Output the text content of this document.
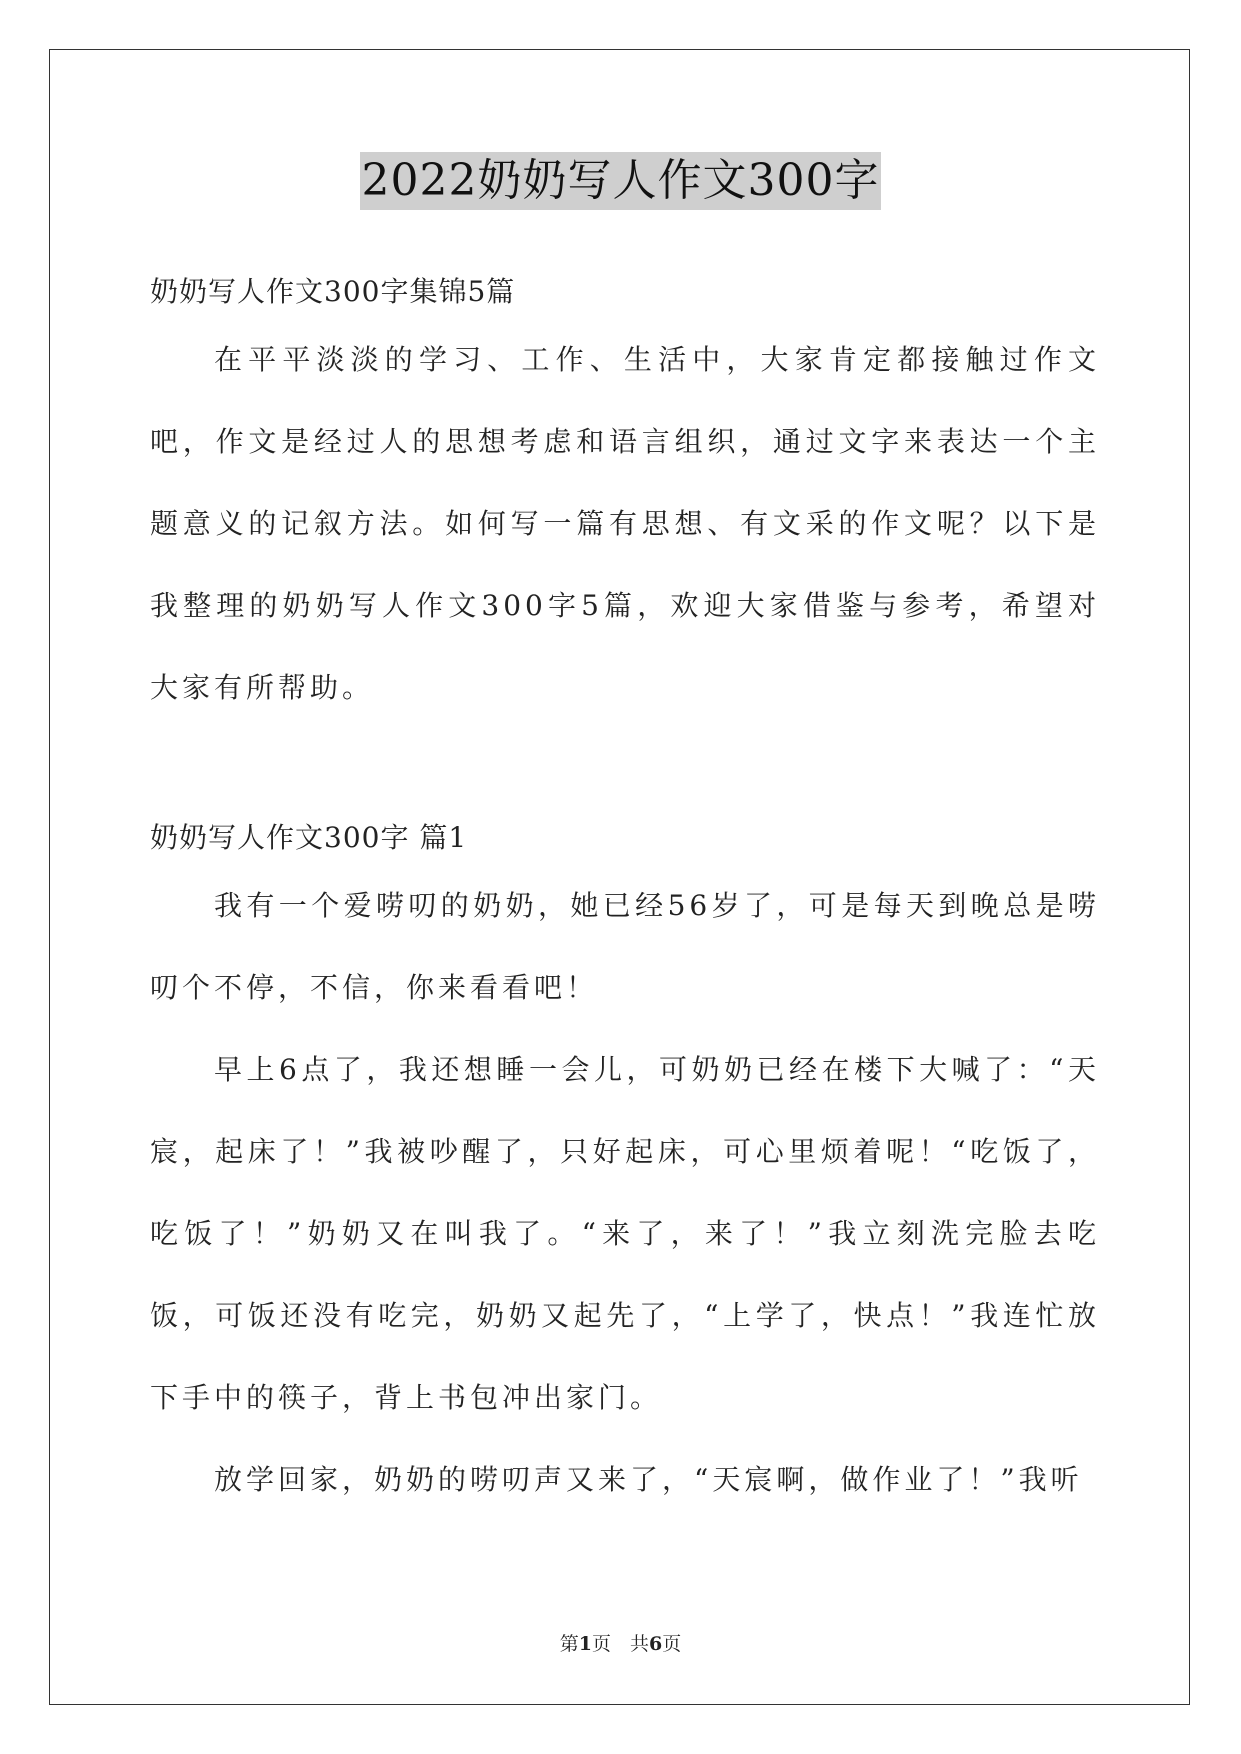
2022奶奶写人作文300字

奶奶写人作文300字集锦5篇

在平平淡淡的学习、工作、生活中，大家肯定都接触过作文吧，作文是经过人的思想考虑和语言组织，通过文字来表达一个主题意义的记叙方法。如何写一篇有思想、有文采的作文呢？以下是我整理的奶奶写人作文300字5篇，欢迎大家借鉴与参考，希望对大家有所帮助。

奶奶写人作文300字 篇1

我有一个爱唠叨的奶奶，她已经56岁了，可是每天到晚总是唠叨个不停，不信，你来看看吧！

早上6点了，我还想睡一会儿，可奶奶已经在楼下大喊了：“天宸，起床了！”我被吵醒了，只好起床，可心里烦着呢！“吃饭了，吃饭了！”奶奶又在叫我了。“来了，来了！”我立刻洗完脸去吃饭，可饭还没有吃完，奶奶又起先了，“上学了，快点！”我连忙放下手中的筷子，背上书包冲出家门。

放学回家，奶奶的唠叨声又来了，“天宸啊，做作业了！”我听

第1页　共6页
